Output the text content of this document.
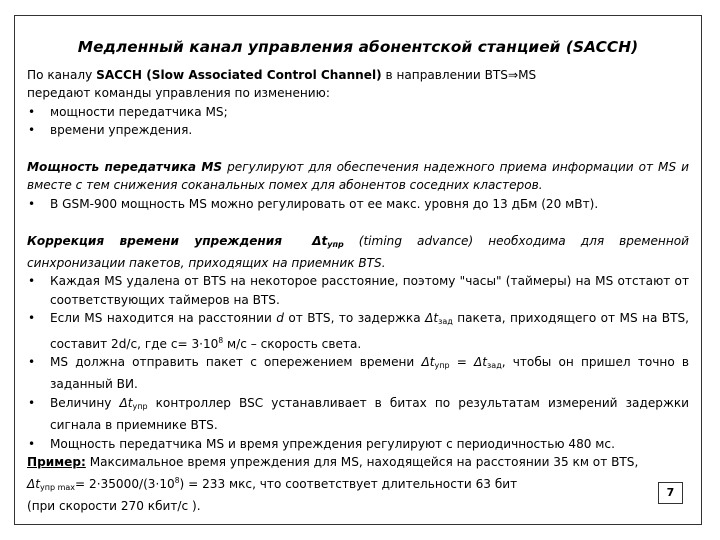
Медленный канал управления абонентской станцией (SACCH)

По каналу SACCH (Slow Associated Control Channel) в направлении BTS⇒MS

передают команды управления по изменению:

• мощности передатчика MS;

• времени упреждения.

Мощность передатчика MS регулируют для обеспечения надежного приема информации от MS и вместе с тем снижения соканальных помех для абонентов соседних кластеров.

• В GSM-900 мощность MS можно регулировать от ее макс. уровня до 13 дБм (20 мВт).

Коррекция времени упреждения $\Delta t_{упр}$ (timing advance) необходима для временной синхронизации пакетов, приходящих на приемник BTS.

• Каждая MS удалена от BTS на некоторое расстояние, поэтому "часы" (таймеры) на MS отстают от соответствующих таймеров на BTS.

• Если MS находится на расстоянии d от BTS, то задержка $\Delta t_{зад}$ пакета, приходящего от MS на BTS, составит 2d/c, где $c= 3\cdot 10^8$ м/с – скорость света.

• MS должна отправить пакет с опережением времени $\Delta t_{упр} = \Delta t_{зад}$, чтобы он пришел точно в заданный ВИ.

• Величину $\Delta t_{упр}$ контроллер BSC устанавливает в битах по результатам измерений задержки сигнала в приемнике BTS.

• Мощность передатчика MS и время упреждения регулируют с периодичностью 480 мс.

Пример: Максимальное время упреждения для MS, находящейся на расстоянии 35 км от BTS,

$\Delta t_{упр max}= 2\cdot 35000/(3\cdot 10^8) = 233$ мкс, что соответствует длительности 63 бит

(при скорости 270 кбит/с ).

7
